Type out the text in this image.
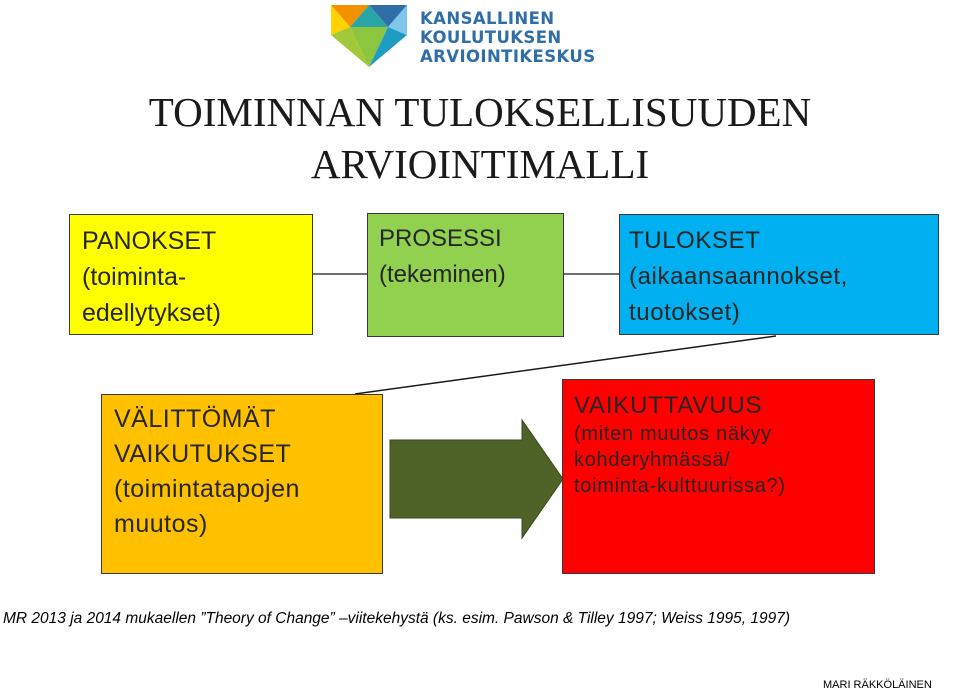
KANSALLINEN
KOULUTUKSEN
ARVIOINTIKESKUS
TOIMINNAN TULOKSELLISUUDEN
ARVIOINTIMALLI
PANOKSET
(toiminta-
edellytykset)
PROSESSI
(tekeminen)
TULOKSET
(aikaansaannokset,
tuotokset)
VÄLITTÖMÄT
VAIKUTUKSET
(toimintatapojen
muutos)
VAIKUTTAVUUS
(miten muutos näkyy
kohderyhmässä/
toiminta-kulttuurissa?)
MR 2013 ja 2014 mukaellen ”Theory of Change” –viitekehystä (ks. esim. Pawson & Tilley 1997; Weiss 1995, 1997)
MARI RÄKKÖLÄINEN
